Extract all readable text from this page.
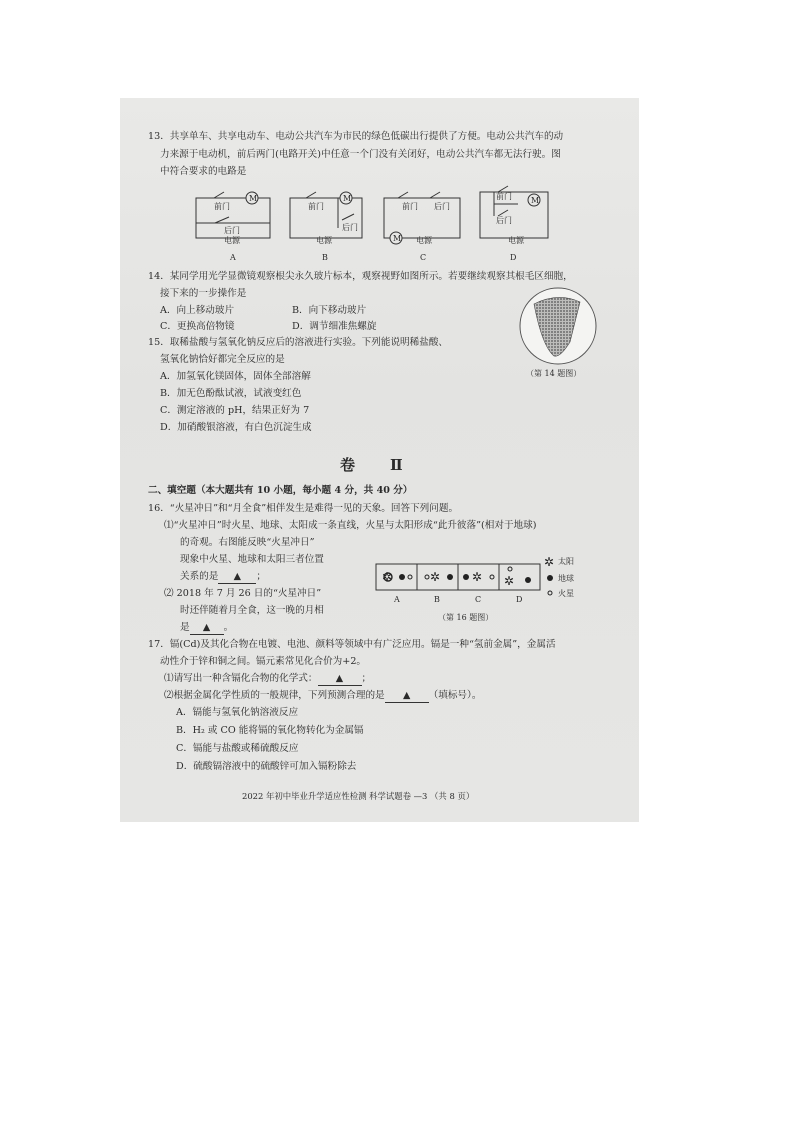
13．共享单车、共享电动车、电动公共汽车为市民的绿色低碳出行提供了方便。电动公共汽车的动
力来源于电动机，前后两门(电路开关)中任意一个门没有关闭好，电动公共汽车都无法行驶。图
中符合要求的电路是
M
前门
后门
电源
A
M
前门
后门
电源
B
M
前门 后门
电源
C
M
前门
后门
电源
D
14．某同学用光学显微镜观察根尖永久玻片标本，观察视野如图所示。若要继续观察其根毛区细胞，
接下来的一步操作是
A．向上移动玻片	B．向下移动玻片
C．更换高倍物镜	D．调节细准焦螺旋
（第 14 题图）
15．取稀盐酸与氢氧化钠反应后的溶液进行实验。下列能说明稀盐酸、
氢氧化钠恰好都完全反应的是
A．加氢氧化镁固体，固体全部溶解
B．加无色酚酞试液，试液变红色
C．测定溶液的 pH，结果正好为 7
D．加硝酸银溶液，有白色沉淀生成
卷　Ⅱ
二、填空题（本大题共有 10 小题，每小题 4 分，共 40 分）
16．“火星冲日”和“月全食”相伴发生是难得一见的天象。回答下列问题。
⑴“火星冲日”时火星、地球、太阳成一条直线，火星与太阳形成“此升彼落”(相对于地球)
的奇观。右图能反映“火星冲日”
现象中火星、地球和太阳三者位置
关系的是 ▲ ；
⑵ 2018 年 7 月 26 日的“火星冲日”
时还伴随着月全食，这一晚的月相
是 ▲ 。
✲	✲	✲ ✲
A	B	C	D
✲ 太阳
地球
火星
（第 16 题图）
17．镉(Cd)及其化合物在电镀、电池、颜料等领域中有广泛应用。镉是一种“氢前金属”，金属活
动性介于锌和铜之间。镉元素常见化合价为+2。
⑴请写出一种含镉化合物的化学式： ▲ ；
⑵根据金属化学性质的一般规律，下列预测合理的是 ▲ （填标号）。
A．镉能与氢氧化钠溶液反应
B．H₂ 或 CO 能将镉的氧化物转化为金属镉
C．镉能与盐酸或稀硫酸反应
D．硫酸镉溶液中的硫酸锌可加入镉粉除去
2022 年初中毕业升学适应性检测 科学试题卷 —3 （共 8 页）
